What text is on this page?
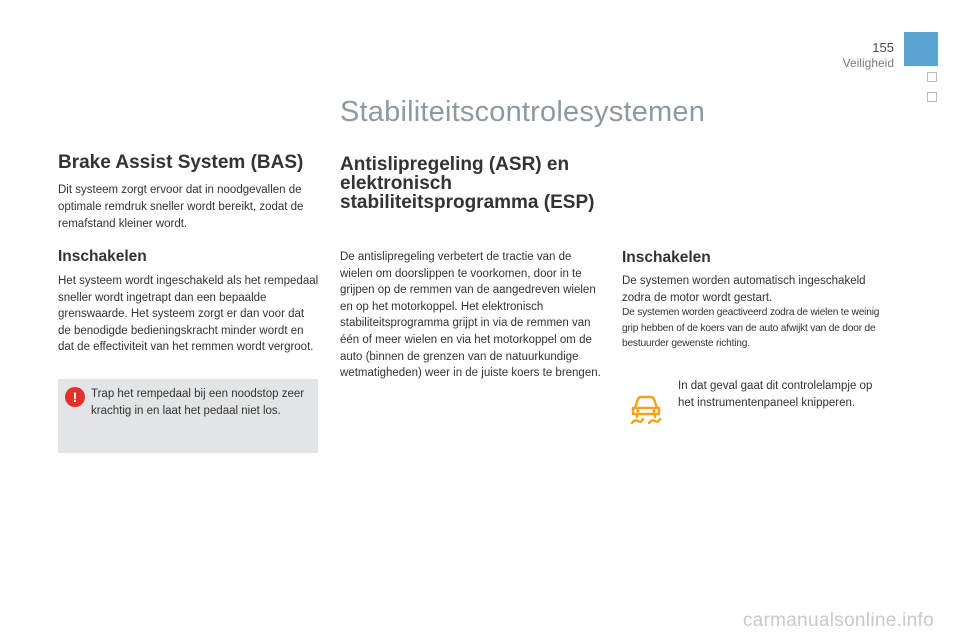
155
Veiligheid
Stabiliteitscontrolesystemen
Brake Assist System (BAS)
Dit systeem zorgt ervoor dat in noodgevallen de optimale remdruk sneller wordt bereikt, zodat de remafstand kleiner wordt.
Inschakelen
Het systeem wordt ingeschakeld als het rempedaal sneller wordt ingetrapt dan een bepaalde grenswaarde. Het systeem zorgt er dan voor dat de benodigde bedieningskracht minder wordt en dat de effectiviteit van het remmen wordt vergroot.
!	Trap het rempedaal bij een noodstop zeer krachtig in en laat het pedaal niet los.
Antislipregeling (ASR) en elektronisch stabiliteitsprogramma (ESP)
De antislipregeling verbetert de tractie van de wielen om doorslippen te voorkomen, door in te grijpen op de remmen van de aangedreven wielen en op het motorkoppel. Het elektronisch stabiliteitsprogramma grijpt in via de remmen van één of meer wielen en via het motorkoppel om de auto (binnen de grenzen van de natuurkundige wetmatigheden) weer in de juiste koers te brengen.
Inschakelen
De systemen worden automatisch ingeschakeld zodra de motor wordt gestart.
De systemen worden geactiveerd zodra de wielen te weinig grip hebben of de koers van de auto afwijkt van de door de bestuurder gewenste richting.
In dat geval gaat dit controlelampje op het instrumentenpaneel knipperen.
carmanualsonline.info
